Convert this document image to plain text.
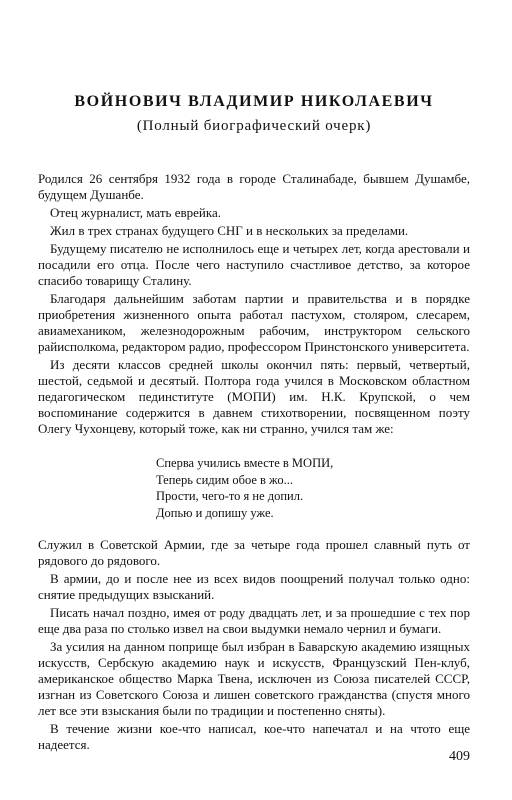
ВОЙНОВИЧ ВЛАДИМИР НИКОЛАЕВИЧ
(Полный биографический очерк)

Родился 26 сентября 1932 года в городе Сталинабаде, бывшем Душамбе, будущем Душанбе.

Отец журналист, мать еврейка.

Жил в трех странах будущего СНГ и в нескольких за пределами.

Будущему писателю не исполнилось еще и четырех лет, когда арестовали и посадили его отца. После чего наступило счастливое детство, за которое спасибо товарищу Сталину.

Благодаря дальнейшим заботам партии и правительства и в порядке приобретения жизненного опыта работал пастухом, столяром, слесарем, авиамехаником, железнодорожным рабочим, инструктором сельского райисполкома, редактором радио, профессором Принстонского университета.

Из десяти классов средней школы окончил пять: первый, четвертый, шестой, седьмой и десятый. Полтора года учился в Московском областном педагогическом пединституте (МОПИ) им. Н.К. Крупской, о чем воспоминание содержится в давнем стихотворении, посвященном поэту Олегу Чухонцеву, который тоже, как ни странно, учился там же:

Сперва учились вместе в МОПИ,
Теперь сидим обое в жо...
Прости, чего-то я не допил.
Допью и допишу уже.

Служил в Советской Армии, где за четыре года прошел славный путь от рядового до рядового.

В армии, до и после нее из всех видов поощрений получал только одно: снятие предыдущих взысканий.

Писать начал поздно, имея от роду двадцать лет, и за прошедшие с тех пор еще два раза по столько извел на свои выдумки немало чернил и бумаги.

За усилия на данном поприще был избран в Баварскую академию изящных искусств, Сербскую академию наук и искусств, Французский Пен-клуб, американское общество Марка Твена, исключен из Союза писателей СССР, изгнан из Советского Союза и лишен советского гражданства (спустя много лет все эти взыскания были по традиции и постепенно сняты).

В течение жизни кое-что написал, кое-что напечатал и на чтото еще надеется.

409
